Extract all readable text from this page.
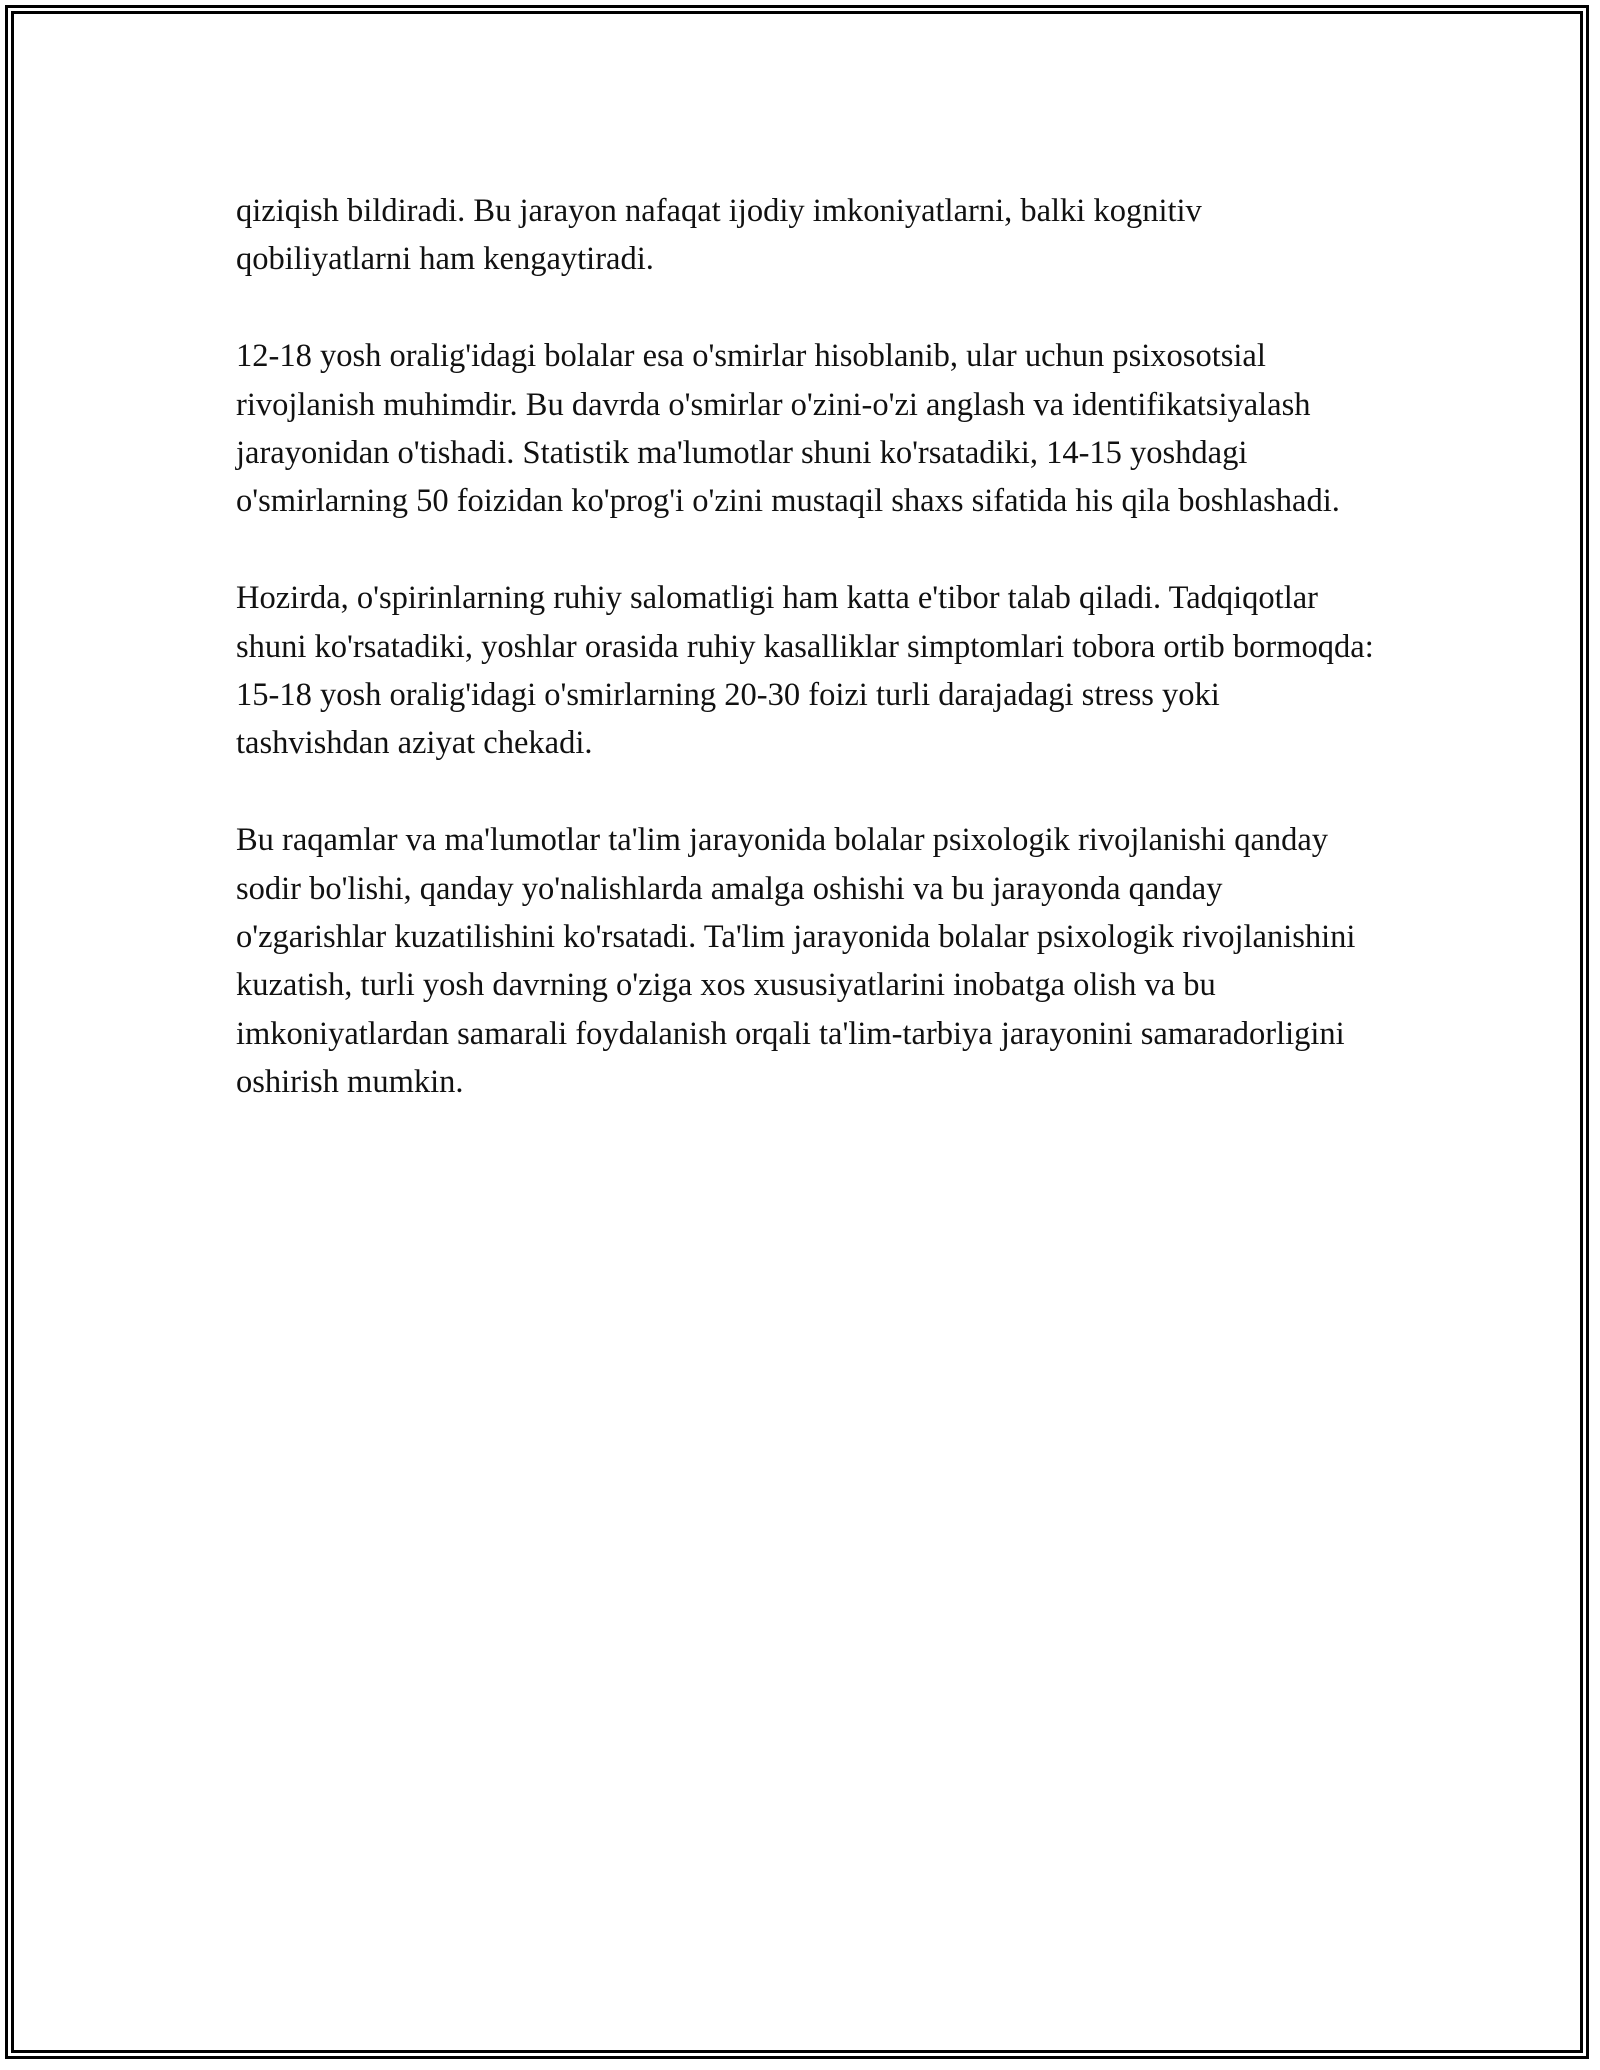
qiziqish bildiradi. Bu jarayon nafaqat ijodiy imkoniyatlarni, balki kognitiv qobiliyatlarni ham kengaytiradi.

12-18 yosh oralig'idagi bolalar esa o'smirlar hisoblanib, ular uchun psixosotsial rivojlanish muhimdir. Bu davrda o'smirlar o'zini-o'zi anglash va identifikatsiyalash jarayonidan o'tishadi. Statistik ma'lumotlar shuni ko'rsatadiki, 14-15 yoshdagi o'smirlarning 50 foizidan ko'prog'i o'zini mustaqil shaxs sifatida his qila boshlashadi.

Hozirda, o'spirinlarning ruhiy salomatligi ham katta e'tibor talab qiladi. Tadqiqotlar shuni ko'rsatadiki, yoshlar orasida ruhiy kasalliklar simptomlari tobora ortib bormoqda: 15-18 yosh oralig'idagi o'smirlarning 20-30 foizi turli darajadagi stress yoki tashvishdan aziyat chekadi.

Bu raqamlar va ma'lumotlar ta'lim jarayonida bolalar psixologik rivojlanishi qanday sodir bo'lishi, qanday yo'nalishlarda amalga oshishi va bu jarayonda qanday o'zgarishlar kuzatilishini ko'rsatadi. Ta'lim jarayonida bolalar psixologik rivojlanishini kuzatish, turli yosh davrning o'ziga xos xususiyatlarini inobatga olish va bu imkoniyatlardan samarali foydalanish orqali ta'lim-tarbiya jarayonini samaradorligini oshirish mumkin.
